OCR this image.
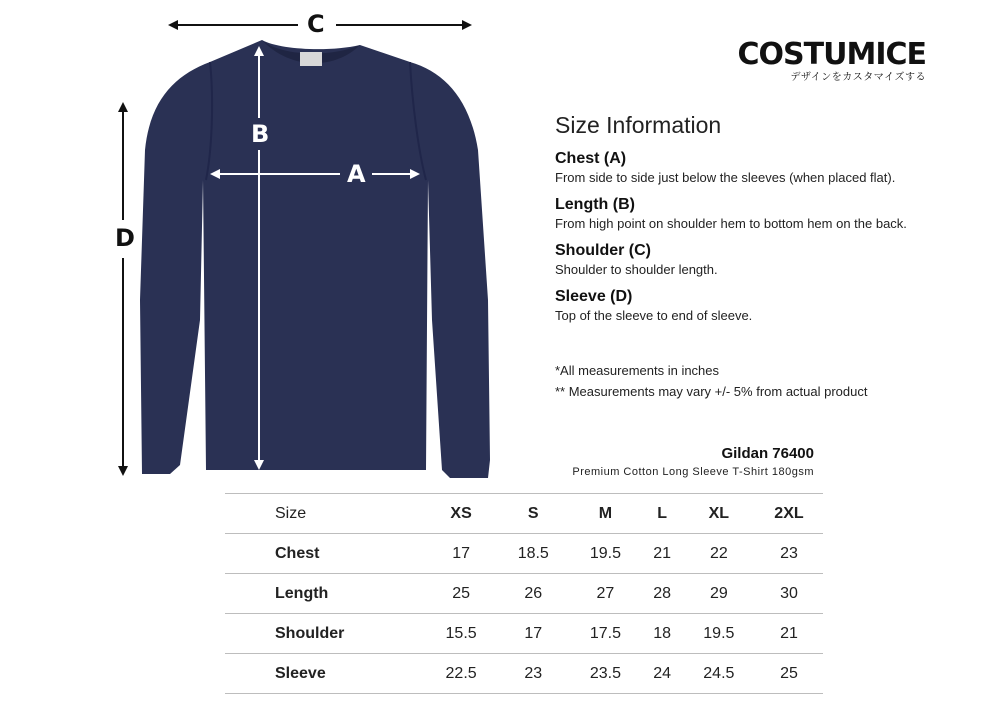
C
B
A
D
COSTUMICE
デザインをカスタマイズする
Size Information
Chest (A)
From side to side just below the sleeves (when placed flat).
Length (B)
From high point on shoulder hem to bottom hem on the back.
Shoulder (C)
Shoulder to shoulder length.
Sleeve (D)
Top of the sleeve to end of sleeve.
*All measurements in inches
** Measurements may vary +/- 5% from actual product
Gildan 76400
Premium Cotton Long Sleeve T-Shirt 180gsm
Size	XS	S	M	L	XL	2XL
Chest	17	18.5	19.5	21	22	23
Length	25	26	27	28	29	30
Shoulder	15.5	17	17.5	18	19.5	21
Sleeve	22.5	23	23.5	24	24.5	25
